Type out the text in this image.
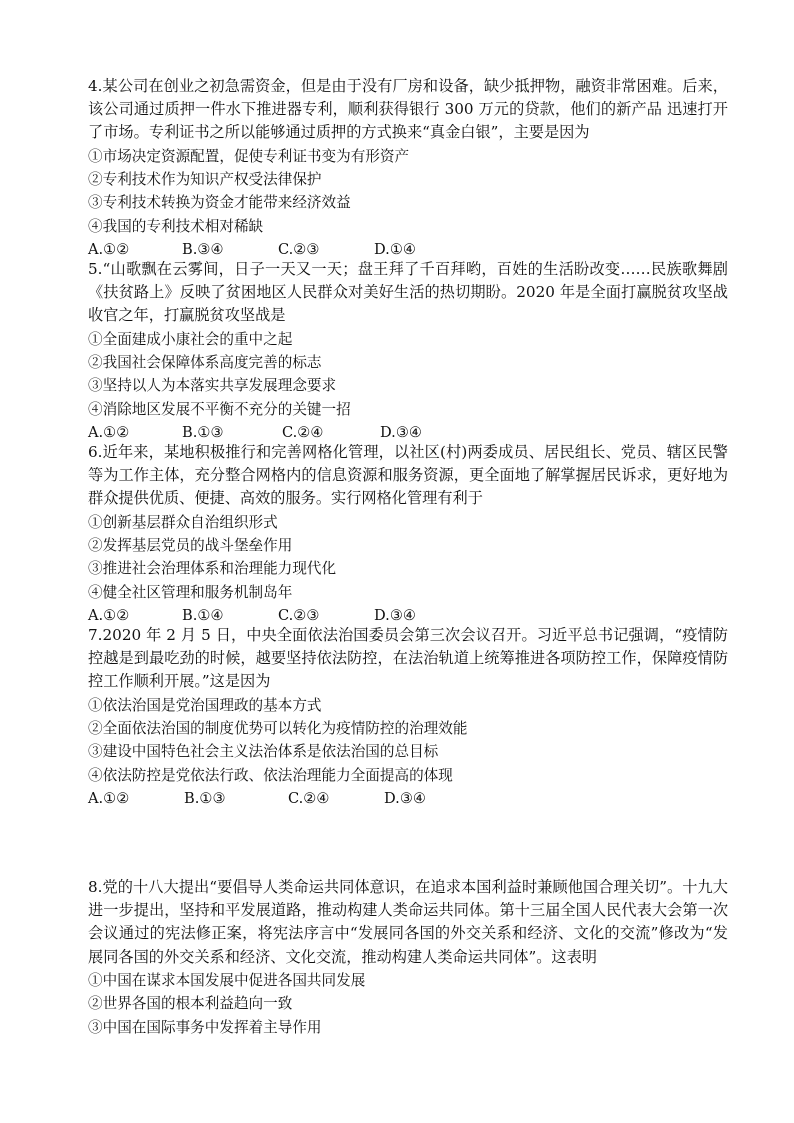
4.某公司在创业之初急需资金，但是由于没有厂房和设备，缺少抵押物，融资非常困难。后来，该公司通过质押一件水下推进器专利，顺利获得银行 300 万元的贷款，他们的新产品 迅速打开了市场。专利证书之所以能够通过质押的方式换来“真金白银”，主要是因为

①市场决定资源配置，促使专利证书变为有形资产

②专利技术作为知识产权受法律保护

③专利技术转换为资金才能带来经济效益

④我国的专利技术相对稀缺

A.①②	B.③④	C.②③	D.①④

5.“山歌飘在云雾间，日子一天又一天；盘王拜了千百拜哟，百姓的生活盼改变……民族歌舞剧《扶贫路上》反映了贫困地区人民群众对美好生活的热切期盼。2020 年是全面打赢脱贫攻坚战收官之年，打赢脱贫攻坚战是

①全面建成小康社会的重中之起

②我国社会保障体系高度完善的标志

③坚持以人为本落实共享发展理念要求

④消除地区发展不平衡不充分的关键一招

A.①②	B.①③	C.②④	D.③④

6.近年来，某地积极推行和完善网格化管理，以社区(村)两委成员、居民组长、党员、辖区民警等为工作主体，充分整合网格内的信息资源和服务资源，更全面地了解掌握居民诉求，更好地为群众提供优质、便捷、高效的服务。实行网格化管理有利于

①创新基层群众自治组织形式

②发挥基层党员的战斗堡垒作用

③推进社会治理体系和治理能力现代化

④健全社区管理和服务机制岛年

A.①②	B.①④	C.②③	D.③④

7.2020 年 2 月 5 日，中央全面依法治国委员会第三次会议召开。习近平总书记强调，“疫情防控越是到最吃劲的时候，越要坚持依法防控，在法治轨道上统筹推进各项防控工作，保障疫情防控工作顺利开展。”这是因为

①依法治国是党治国理政的基本方式

②全面依法治国的制度优势可以转化为疫情防控的治理效能

③建设中国特色社会主义法治体系是依法治国的总目标

④依法防控是党依法行政、依法治理能力全面提高的体现

A.①②	B.①③	C.②④	D.③④

8.党的十八大提出“要倡导人类命运共同体意识，在追求本国利益时兼顾他国合理关切”。十九大进一步提出，坚持和平发展道路，推动构建人类命运共同体。第十三届全国人民代表大会第一次会议通过的宪法修正案，将宪法序言中“发展同各国的外交关系和经济、文化的交流”修改为“发展同各国的外交关系和经济、文化交流，推动构建人类命运共同体”。这表明

①中国在谋求本国发展中促进各国共同发展

②世界各国的根本利益趋向一致

③中国在国际事务中发挥着主导作用
